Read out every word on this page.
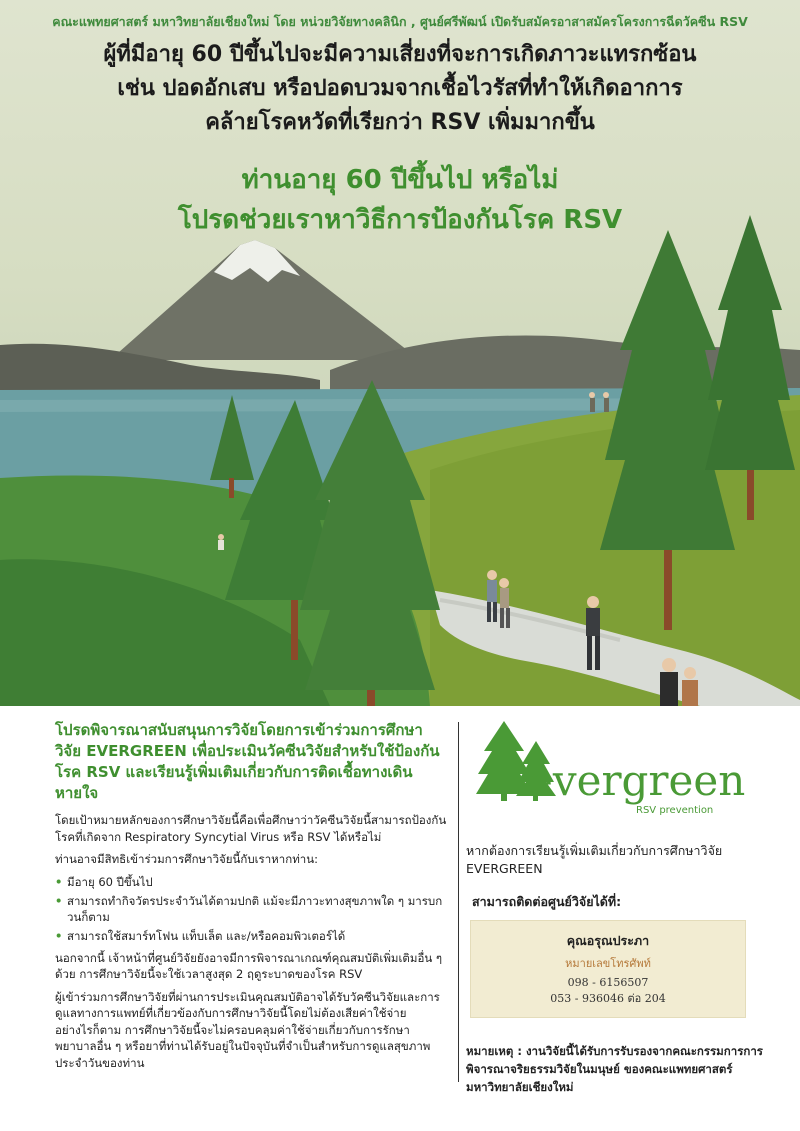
คณะแพทยศาสตร์ มหาวิทยาลัยเชียงใหม่ โดย หน่วยวิจัยทางคลินิก , ศูนย์ศรีพัฒน์ เปิดรับสมัครอาสาสมัครโครงการฉีดวัคซีน RSV
ผู้ที่มีอายุ 60 ปีขึ้นไปจะมีความเสี่ยงที่จะการเกิดภาวะแทรกซ้อน
เช่น ปอดอักเสบ หรือปอดบวมจากเชื้อไวรัสที่ทำให้เกิดอาการ
คล้ายโรคหวัดที่เรียกว่า RSV เพิ่มมากขึ้น
ท่านอายุ 60 ปีขึ้นไป หรือไม่
โปรดช่วยเราหาวิธีการป้องกันโรค RSV
โปรดพิจารณาสนับสนุนการวิจัยโดยการเข้าร่วมการศึกษาวิจัย EVERGREEN เพื่อประเมินวัคซีนวิจัยสำหรับใช้ป้องกันโรค RSV และเรียนรู้เพิ่มเติมเกี่ยวกับการติดเชื้อทางเดินหายใจ
โดยเป้าหมายหลักของการศึกษาวิจัยนี้คือเพื่อศึกษาว่าวัคซีนวิจัยนี้สามารถป้องกันโรคที่เกิดจาก Respiratory Syncytial Virus หรือ RSV ได้หรือไม่
ท่านอาจมีสิทธิเข้าร่วมการศึกษาวิจัยนี้กับเราหากท่าน:
• มีอายุ 60 ปีขึ้นไป
• สามารถทำกิจวัตรประจำวันได้ตามปกติ แม้จะมีภาวะทางสุขภาพใด ๆ มารบกวนก็ตาม
• สามารถใช้สมาร์ทโฟน แท็บเล็ต และ/หรือคอมพิวเตอร์ได้
นอกจากนี้ เจ้าหน้าที่ศูนย์วิจัยยังอาจมีการพิจารณาเกณฑ์คุณสมบัติเพิ่มเติมอื่น ๆ ด้วย การศึกษาวิจัยนี้จะใช้เวลาสูงสุด 2 ฤดูระบาดของโรค RSV
ผู้เข้าร่วมการศึกษาวิจัยที่ผ่านการประเมินคุณสมบัติอาจได้รับวัคซีนวิจัยและการดูแลทางการแพทย์ที่เกี่ยวข้องกับการศึกษาวิจัยนี้โดยไม่ต้องเสียค่าใช้จ่าย อย่างไรก็ตาม การศึกษาวิจัยนี้จะไม่ครอบคลุมค่าใช้จ่ายเกี่ยวกับการรักษาพยาบาลอื่น ๆ หรือยาที่ท่านได้รับอยู่ในปัจจุบันที่จำเป็นสำหรับการดูแลสุขภาพประจำวันของท่าน
evergreen
RSV prevention
หากต้องการเรียนรู้เพิ่มเติมเกี่ยวกับการศึกษาวิจัย EVERGREEN
สามารถติดต่อศูนย์วิจัยได้ที่:
คุณอรุณประภา
หมายเลขโทรศัพท์
098 - 6156507
053 - 936046 ต่อ 204
หมายเหตุ : งานวิจัยนี้ได้รับการรับรองจากคณะกรรมการการพิจารณาจริยธรรมวิจัยในมนุษย์ ของคณะแพทยศาสตร์ มหาวิทยาลัยเชียงใหม่
